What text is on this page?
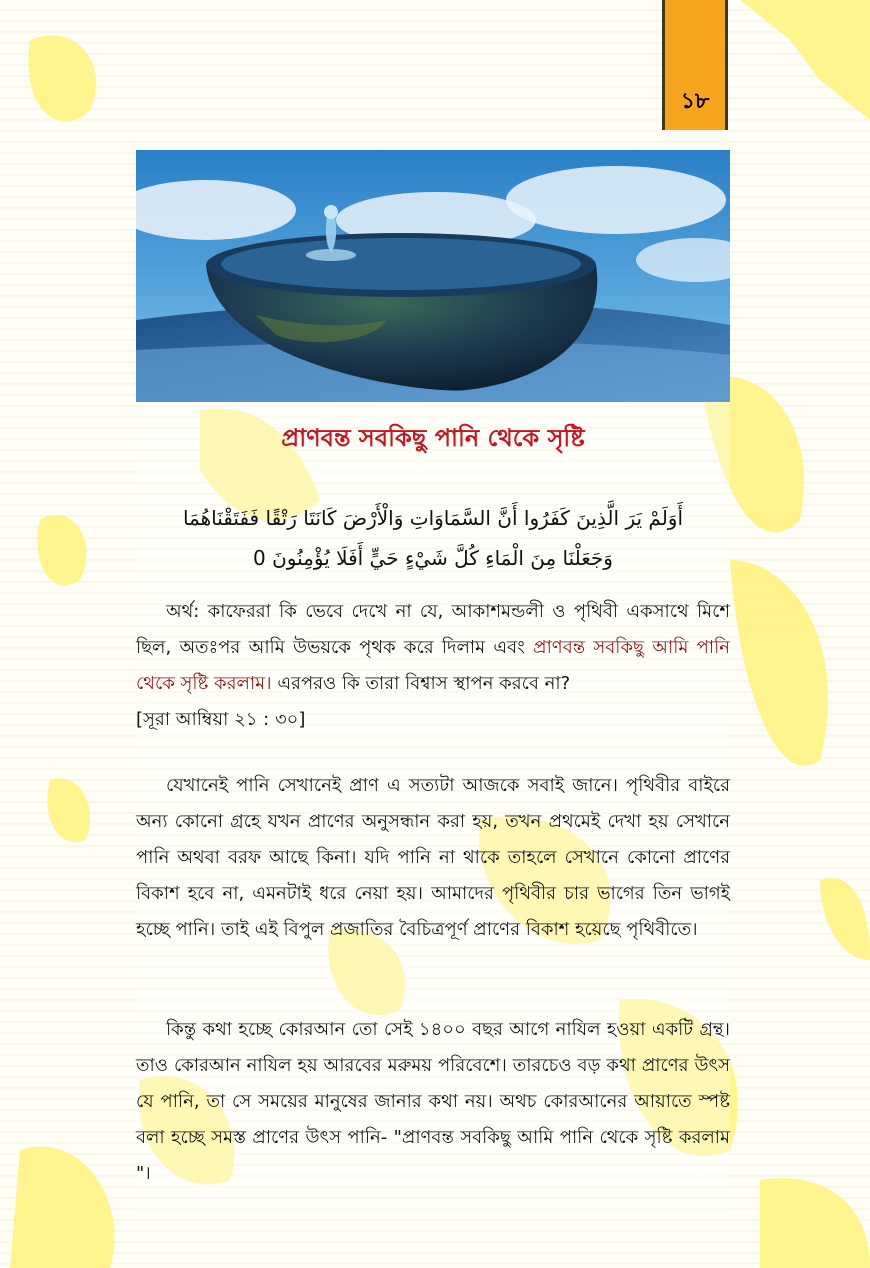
১৮
প্রাণবন্ত সবকিছু পানি থেকে সৃষ্টি
أَوَلَمْ يَرَ الَّذِينَ كَفَرُوا أَنَّ السَّمَاوَاتِ وَالْأَرْضَ كَانَتَا رَتْقًا فَفَتَقْنَاهُمَا
وَجَعَلْنَا مِنَ الْمَاءِ كُلَّ شَيْءٍ حَيٍّ أَفَلَا يُؤْمِنُونَ 0
অর্থ: কাফেররা কি ভেবে দেখে না যে, আকাশমন্ডলী ও পৃথিবী একসাথে মিশে ছিল, অতঃপর আমি উভয়কে পৃথক করে দিলাম এবং প্রাণবন্ত সবকিছু আমি পানি থেকে সৃষ্টি করলাম। এরপরও কি তারা বিশ্বাস স্থাপন করবে না?
[সূরা আম্বিয়া ২১ : ৩০]
যেখানেই পানি সেখানেই প্রাণ এ সত্যটা আজকে সবাই জানে। পৃথিবীর বাইরে অন্য কোনো গ্রহে যখন প্রাণের অনুসন্ধান করা হয়, তখন প্রথমেই দেখা হয় সেখানে পানি অথবা বরফ আছে কিনা। যদি পানি না থাকে তাহলে সেখানে কোনো প্রাণের বিকাশ হবে না, এমনটাই ধরে নেয়া হয়। আমাদের পৃথিবীর চার ভাগের তিন ভাগই হচ্ছে পানি। তাই এই বিপুল প্রজাতির বৈচিত্রপূর্ণ প্রাণের বিকাশ হয়েছে পৃথিবীতে।
কিন্তু কথা হচ্ছে কোরআন তো সেই ১৪০০ বছর আগে নাযিল হওয়া একটি গ্রন্থ। তাও কোরআন নাযিল হয় আরবের মরুময় পরিবেশে। তারচেও বড় কথা প্রাণের উৎস যে পানি, তা সে সময়ের মানুষের জানার কথা নয়। অথচ কোরআনের আয়াতে স্পষ্ট বলা হচ্ছে সমস্ত প্রাণের উৎস পানি- "প্রাণবন্ত সবকিছু আমি পানি থেকে সৃষ্টি করলাম "।
